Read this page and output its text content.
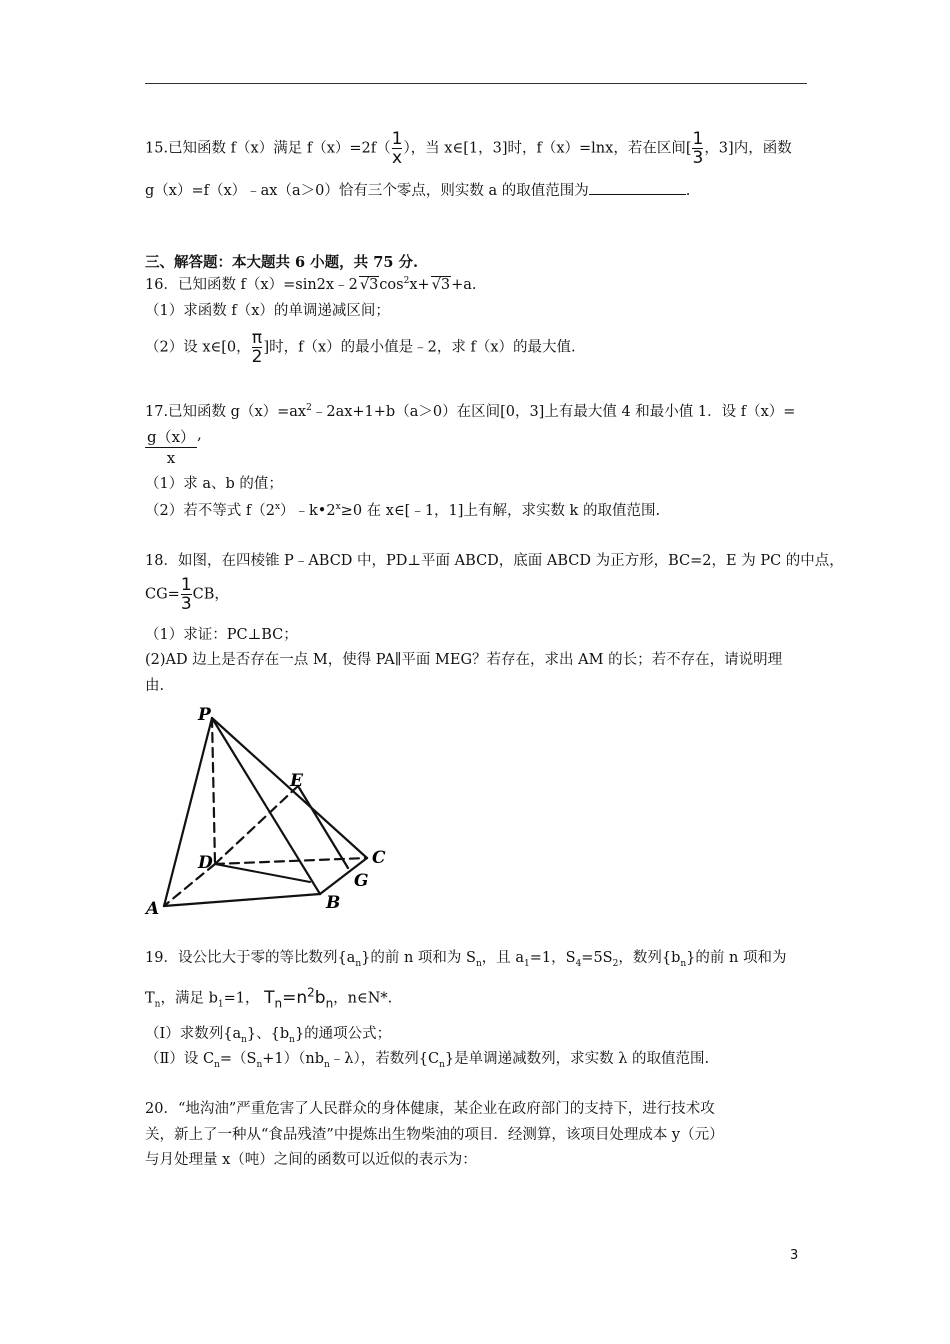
15.已知函数 f（x）满足 $f(x)=2f( \frac{1}{x}$ ），当 x∈[1，3]时，f（x）=lnx，若在区间[ $\frac{1}{3}$ ，3]内，函数
g（x）=f（x）﹣ax（a＞0）恰有三个零点，则实数 a 的取值范围为	.
三、解答题：本大题共 6 小题，共 75 分.
16．已知函数 f（x）=sin2x﹣2 $√3\cos^2x+ √3+a$.
（1）求函数 f（x）的单调递减区间；
（2）设 x∈[0， $\frac{\pi}{2}$ ]时，f（x）的最小值是﹣2，求 f（x）的最大值.
17.已知函数 $g(x)=ax^2﹣2ax+1+b(a>0)$在区间[0，3]上有最大值 4 和最小值 1．设 f（x）=
$\frac{g(x)}{x}$ ,
（1）求 a、b 的值；
（2）若不等式 $f(2^x)﹣k•2^x\ge 0$ 在 x∈[﹣1，1]上有解，求实数 k 的取值范围.
18．如图，在四棱锥 P﹣ABCD 中，PD⊥平面 ABCD，底面 ABCD 为正方形，BC=2，E 为 PC 的中点，
$CG= \frac{1}{3}$ CB，
（1）求证：PC⊥BC；
(2)AD 边上是否存在一点 M，使得 PA∥平面 MEG？若存在，求出 AM 的长；若不存在，请说明理
由.
P
E
D	C
G
A	B
19．设公比大于零的等比数列$\{a_n\}$的前 n 项和为 $S_n$，且 $a_1=1$，$S_4=5S_2$，数列$\{b_n\}$的前 n 项和为
$T_n$，满足 $b_1=1$， $T_n=n^2b_n$，n∈N*.
（Ⅰ）求数列$\{a_n\}$、$\{b_n\}$的通项公式；
（Ⅱ）设 $C_n=(S_n+1)(nb_n﹣\lambda)$，若数列$\{C_n\}$是单调递减数列，求实数 λ 的取值范围.
20．“地沟油”严重危害了人民群众的身体健康，某企业在政府部门的支持下，进行技术攻
关，新上了一种从“食品残渣”中提炼出生物柴油的项目．经测算，该项目处理成本 y（元）
与月处理量 x（吨）之间的函数可以近似的表示为：
3
